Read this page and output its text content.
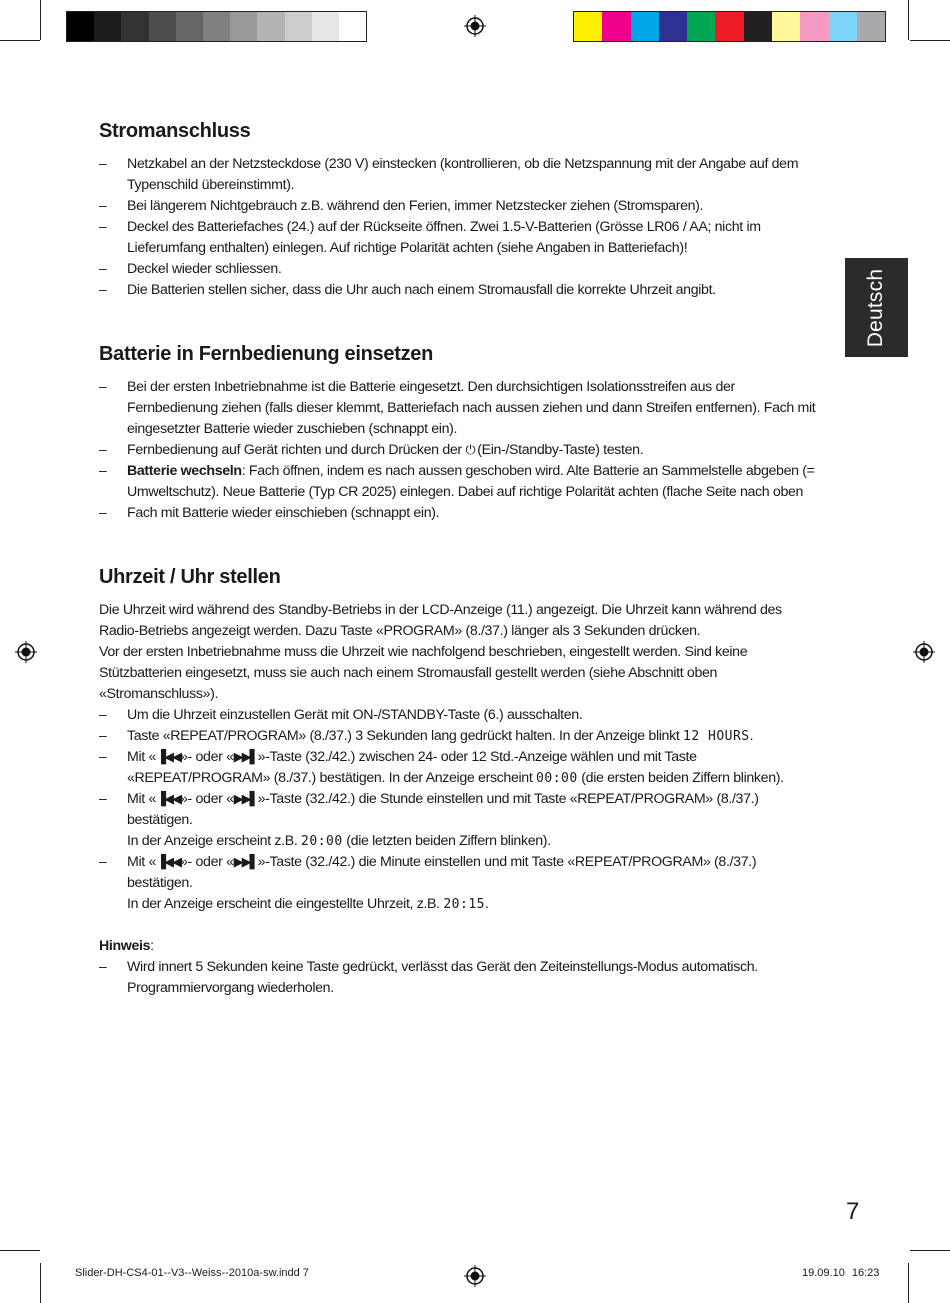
Deutsch
Stromanschluss
– Netzkabel an der Netzsteckdose (230 V) einstecken (kontrollieren, ob die Netzspannung mit der Angabe auf dem Typenschild übereinstimmt).
– Bei längerem Nichtgebrauch z.B. während den Ferien, immer Netzstecker ziehen (Stromsparen).
– Deckel des Batteriefaches (24.) auf der Rückseite öffnen. Zwei 1.5-V-Batterien (Grösse LR06 / AA; nicht im Lieferumfang enthalten) einlegen. Auf richtige Polarität achten (siehe Angaben in Batteriefach)!
– Deckel wieder schliessen.
– Die Batterien stellen sicher, dass die Uhr auch nach einem Stromausfall die korrekte Uhrzeit angibt.
Batterie in Fernbedienung einsetzen
– Bei der ersten Inbetriebnahme ist die Batterie eingesetzt. Den durchsichtigen Isolationsstreifen aus der Fernbedienung ziehen (falls dieser klemmt, Batteriefach nach aussen ziehen und dann Streifen entfernen). Fach mit eingesetzter Batterie wieder zuschieben (schnappt ein).
– Fernbedienung auf Gerät richten und durch Drücken der ⏻ (Ein-/Standby-Taste) testen.
– Batterie wechseln: Fach öffnen, indem es nach aussen geschoben wird. Alte Batterie an Sammelstelle abgeben (= Umweltschutz). Neue Batterie (Typ CR 2025) einlegen. Dabei auf richtige Polarität achten (flache Seite nach oben
– Fach mit Batterie wieder einschieben (schnappt ein).
Uhrzeit / Uhr stellen

Die Uhrzeit wird während des Standby-Betriebs in der LCD-Anzeige (11.) angezeigt. Die Uhrzeit kann während des Radio-Betriebs angezeigt werden. Dazu Taste «PROGRAM» (8./37.) länger als 3 Sekunden drücken.

Vor der ersten Inbetriebnahme muss die Uhrzeit wie nachfolgend beschrieben, eingestellt werden. Sind keine Stützbatterien eingesetzt, muss sie auch nach einem Stromausfall gestellt werden (siehe Abschnitt oben «Stromanschluss»).

– Um die Uhrzeit einzustellen Gerät mit ON-/STANDBY-Taste (6.) ausschalten.
– Taste «REPEAT/PROGRAM» (8./37.) 3 Sekunden lang gedrückt halten. In der Anzeige blinkt 12 HOURS.
– Mit «▐◀◀»- oder «▶▶▌»-Taste (32./42.) zwischen 24- oder 12 Std.-Anzeige wählen und mit Taste «REPEAT/PROGRAM» (8./37.) bestätigen. In der Anzeige erscheint 00:00 (die ersten beiden Ziffern blinken).
– Mit «▐◀◀»- oder «▶▶▌»-Taste (32./42.) die Stunde einstellen und mit Taste «REPEAT/PROGRAM» (8./37.) bestätigen.
In der Anzeige erscheint z.B. 20:00 (die letzten beiden Ziffern blinken).
– Mit «▐◀◀»- oder «▶▶▌»-Taste (32./42.) die Minute einstellen und mit Taste «REPEAT/PROGRAM» (8./37.) bestätigen.
In der Anzeige erscheint die eingestellte Uhrzeit, z.B. 20:15.

Hinweis:

– Wird innert 5 Sekunden keine Taste gedrückt, verlässt das Gerät den Zeiteinstellungs-Modus automatisch. Programmiervorgang wiederholen.
7
Slider-DH-CS4-01--V3--Weiss--2010a-sw.indd 7	19.09.10 16:23
